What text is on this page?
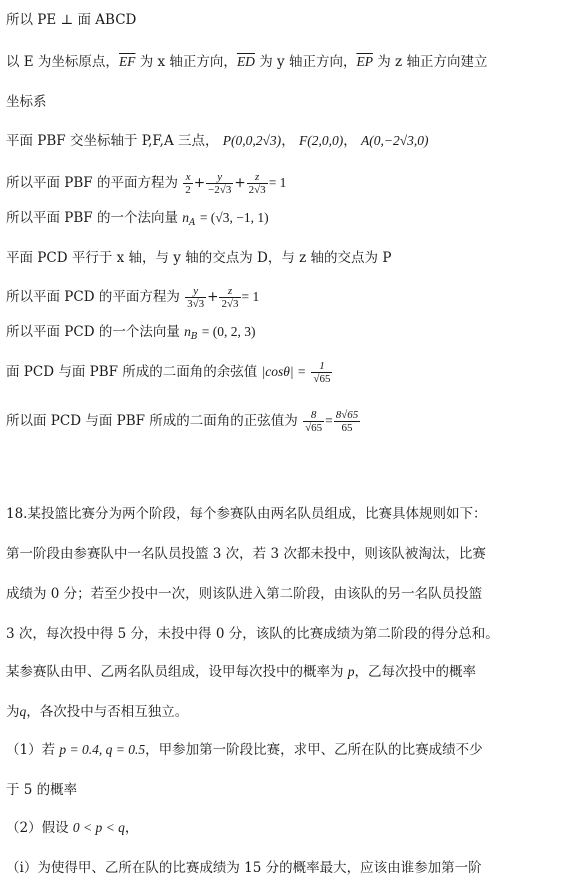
所以 PE ⊥ 面 ABCD
以 E 为坐标原点，$\overline{EF}$ 为 x 轴正方向，$\overline{ED}$ 为 y 轴正方向，$\overline{EP}$ 为 z 轴正方向建立
坐标系
平面 PBF 交坐标轴于 P,F,A 三点， P(0,0,2√3)， F(2,0,0)， A(0,−2√3,0)
所以平面 PBF 的平面方程为 $\frac{x}{2} + \frac{y}{-2√3} + \frac{z}{2√3} = 1$
所以平面 PBF 的一个法向量 $n_A = (√3$, −1, 1)
平面 PCD 平行于 x 轴，与 y 轴的交点为 D，与 z 轴的交点为 P
所以平面 PCD 的平面方程为 $\frac{y}{3√3} + \frac{z}{2√3} = 1$
所以平面 PCD 的一个法向量 $n_B = (0$, 2, 3)
面 PCD 与面 PBF 所成的二面角的余弦值 $|\cos\theta| = \frac{1}{√65}$
所以面 PCD 与面 PBF 所成的二面角的正弦值为 $\frac{8}{√65} = \frac{8√65}{65}$
18.某投篮比赛分为两个阶段，每个参赛队由两名队员组成，比赛具体规则如下：
第一阶段由参赛队中一名队员投篮 3 次，若 3 次都未投中，则该队被淘汰，比赛
成绩为 0 分；若至少投中一次，则该队进入第二阶段，由该队的另一名队员投篮
3 次，每次投中得 5 分，未投中得 0 分，该队的比赛成绩为第二阶段的得分总和。
某参赛队由甲、乙两名队员组成，设甲每次投中的概率为 p，乙每次投中的概率
为q，各次投中与否相互独立。
（1）若 p = 0.4, q = 0.5，甲参加第一阶段比赛，求甲、乙所在队的比赛成绩不少
于 5 的概率
（2）假设 0 < p < q，
（i）为使得甲、乙所在队的比赛成绩为 15 分的概率最大，应该由谁参加第一阶
